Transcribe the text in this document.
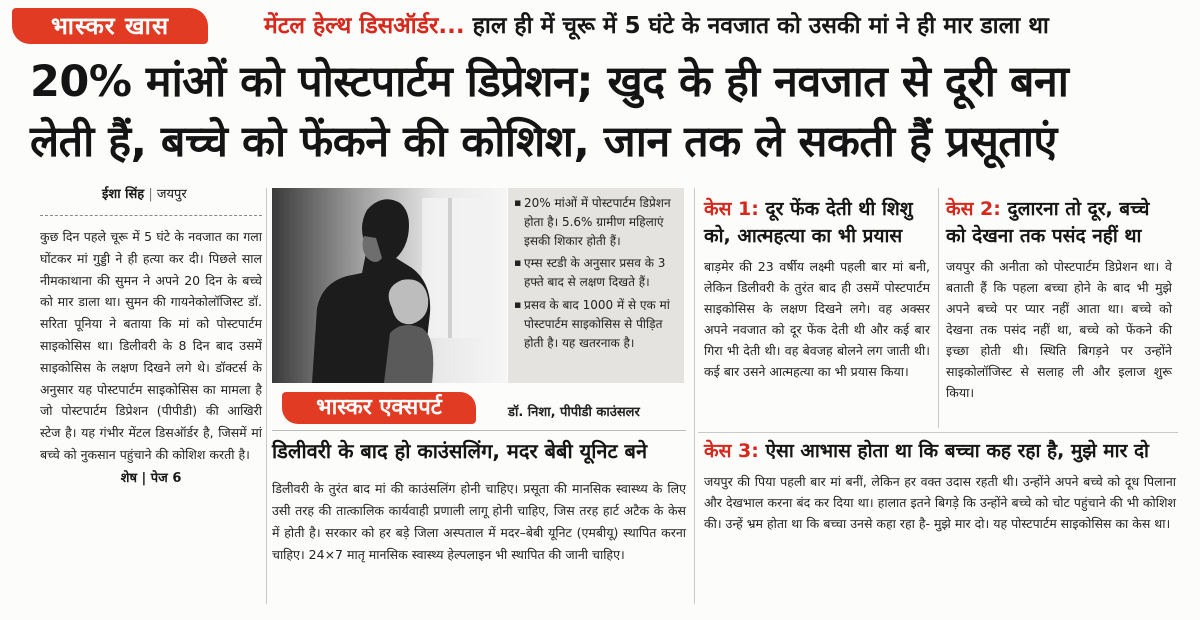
भास्कर खास	मेंटल हेल्थ डिसऑर्डर... हाल ही में चूरू में 5 घंटे के नवजात को उसकी मां ने ही मार डाला था
20% मांओं को पोस्टपार्टम डिप्रेशन; खुद के ही नवजात से दूरी बना
लेती हैं, बच्चे को फेंकने की कोशिश, जान तक ले सकती हैं प्रसूताएं
ईशा सिंह | जयपुर

कुछ दिन पहले चूरू में 5 घंटे के नवजात का गला घोंटकर मां गुड्डी ने ही हत्या कर दी। पिछले साल नीमकाथाना की सुमन ने अपने 20 दिन के बच्चे को मार डाला था। सुमन की गायनेकोलॉजिस्ट डॉ. सरिता पूनिया ने बताया कि मां को पोस्टपार्टम साइकोसिस था। डिलीवरी के 8 दिन बाद उसमें साइकोसिस के लक्षण दिखने लगे थे। डॉक्टर्स के अनुसार यह पोस्टपार्टम साइकोसिस का मामला है जो पोस्टपार्टम डिप्रेशन (पीपीडी) की आखिरी स्टेज है। यह गंभीर मेंटल डिसऑर्डर है, जिसमें मां बच्चे को नुकसान पहुंचाने की कोशिश करती है।

शेष | पेज 6
▪ 20% मांओं में पोस्टपार्टम डिप्रेशन होता है। 5.6% ग्रामीण महिलाएं इसकी शिकार होती हैं।
▪ एम्स स्टडी के अनुसार प्रसव के 3 हफ्ते बाद से लक्षण दिखते हैं।
▪ प्रसव के बाद 1000 में से एक मां पोस्टपार्टम साइकोसिस से पीड़ित होती है। यह खतरनाक है।
भास्कर एक्सपर्ट	डॉ. निशा, पीपीडी काउंसलर
डिलीवरी के बाद हो काउंसलिंग, मदर बेबी यूनिट बने

डिलीवरी के तुरंत बाद मां की काउंसलिंग होनी चाहिए। प्रसूता की मानसिक स्वास्थ्य के लिए उसी तरह की तात्कालिक कार्यवाही प्रणाली लागू होनी चाहिए, जिस तरह हार्ट अटैक के केस में होती है। सरकार को हर बड़े जिला अस्पताल में मदर–बेबी यूनिट (एमबीयू) स्थापित करना चाहिए। 24×7 मातृ मानसिक स्वास्थ्य हेल्पलाइन भी स्थापित की जानी चाहिए।

केस 1: दूर फेंक देती थी शिशु को, आत्महत्या का भी प्रयास

बाड़मेर की 23 वर्षीय लक्ष्मी पहली बार मां बनी, लेकिन डिलीवरी के तुरंत बाद ही उसमें पोस्टपार्टम साइकोसिस के लक्षण दिखने लगे। वह अक्सर अपने नवजात को दूर फेंक देती थी और कई बार गिरा भी देती थी। वह बेवजह बोलने लग जाती थी। कई बार उसने आत्महत्या का भी प्रयास किया।

केस 2: दुलारना तो दूर, बच्चे को देखना तक पसंद नहीं था

जयपुर की अनीता को पोस्टपार्टम डिप्रेशन था। वे बताती हैं कि पहला बच्चा होने के बाद भी मुझे अपने बच्चे पर प्यार नहीं आता था। बच्चे को देखना तक पसंद नहीं था, बच्चे को फेंकने की इच्छा होती थी। स्थिति बिगड़ने पर उन्होंने साइकोलॉजिस्ट से सलाह ली और इलाज शुरू किया।

केस 3: ऐसा आभास होता था कि बच्चा कह रहा है, मुझे मार दो

जयपुर की पिया पहली बार मां बनीं, लेकिन हर वक्त उदास रहती थी। उन्होंने अपने बच्चे को दूध पिलाना और देखभाल करना बंद कर दिया था। हालात इतने बिगड़े कि उन्होंने बच्चे को चोट पहुंचाने की भी कोशिश की। उन्हें भ्रम होता था कि बच्चा उनसे कहा रहा है- मुझे मार दो। यह पोस्टपार्टम साइकोसिस का केस था।
